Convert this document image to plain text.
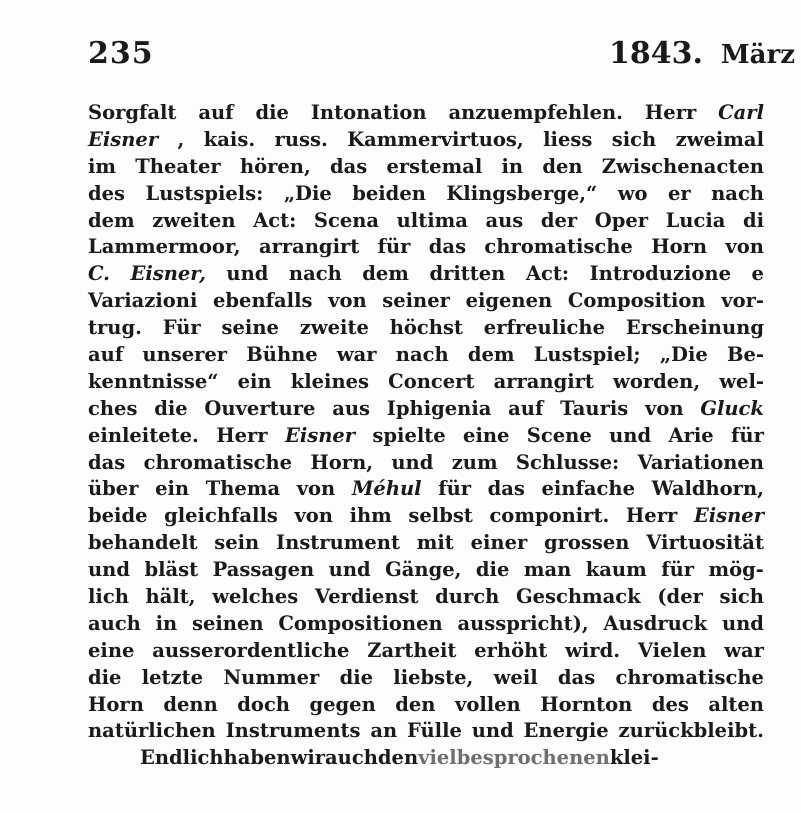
235	1843. März
Sorgfalt auf die Intonation anzuempfehlen. Herr Carl
Eisner , kais. russ. Kammervirtuos, liess sich zweimal
im Theater hören, das erstemal in den Zwischenacten
des Lustspiels: „Die beiden Klingsberge,“ wo er nach
dem zweiten Act: Scena ultima aus der Oper Lucia di
Lammermoor, arrangirt für das chromatische Horn von
C. Eisner, und nach dem dritten Act: Introduzione e
Variazioni ebenfalls von seiner eigenen Composition vor-
trug. Für seine zweite höchst erfreuliche Erscheinung
auf unserer Bühne war nach dem Lustspiel; „Die Be-
kenntnisse“ ein kleines Concert arrangirt worden, wel-
ches die Ouverture aus Iphigenia auf Tauris von Gluck
einleitete. Herr Eisner spielte eine Scene und Arie für
das chromatische Horn, und zum Schlusse: Variationen
über ein Thema von Méhul für das einfache Waldhorn,
beide gleichfalls von ihm selbst componirt. Herr Eisner
behandelt sein Instrument mit einer grossen Virtuosität
und bläst Passagen und Gänge, die man kaum für mög-
lich hält, welches Verdienst durch Geschmack (der sich
auch in seinen Compositionen ausspricht), Ausdruck und
eine ausserordentliche Zartheit erhöht wird. Vielen war
die letzte Nummer die liebste, weil das chromatische
Horn denn doch gegen den vollen Hornton des alten
natürlichen Instruments an Fülle und Energie zurückbleibt.
Endlich haben wir auch den vielbesprochenen klei-
